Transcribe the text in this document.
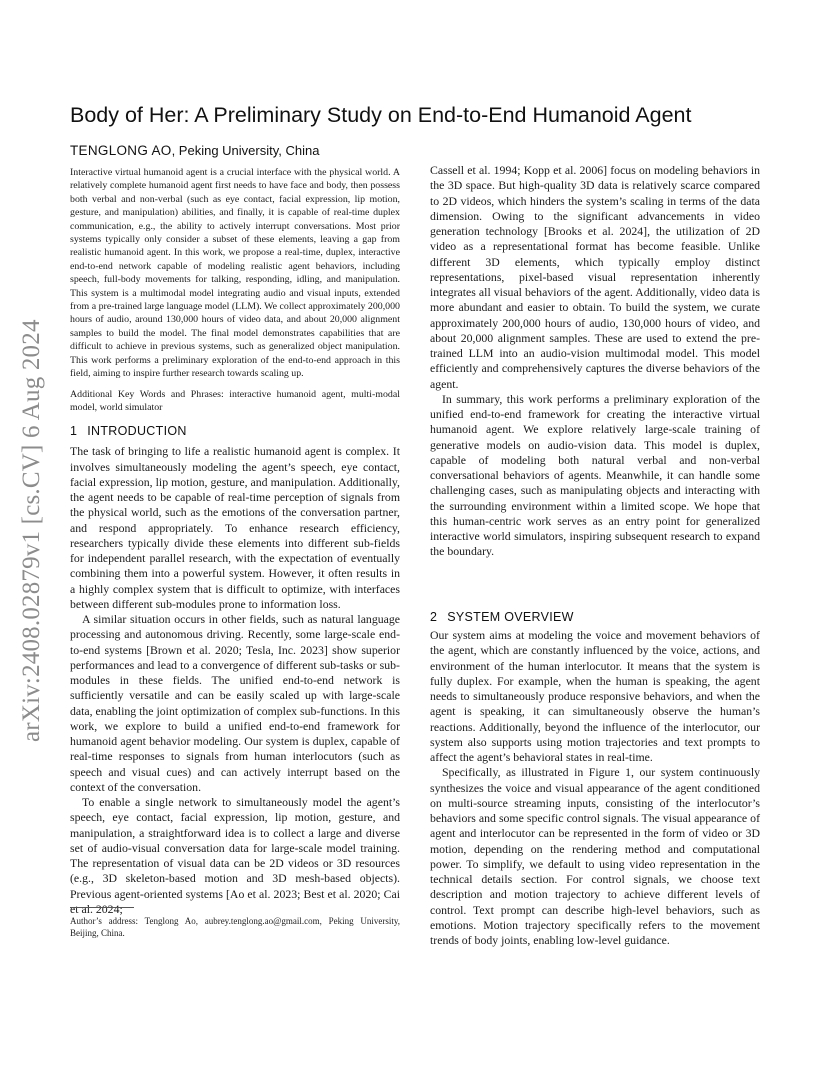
arXiv:2408.02879v1 [cs.CV] 6 Aug 2024
Body of Her: A Preliminary Study on End-to-End Humanoid Agent
TENGLONG AO, Peking University, China

Interactive virtual humanoid agent is a crucial interface with the physical world. A relatively complete humanoid agent first needs to have face and body, then possess both verbal and non-verbal (such as eye contact, facial expression, lip motion, gesture, and manipulation) abilities, and finally, it is capable of real-time duplex communication, e.g., the ability to actively interrupt conversations. Most prior systems typically only consider a subset of these elements, leaving a gap from realistic humanoid agent. In this work, we propose a real-time, duplex, interactive end-to-end network capable of modeling realistic agent behaviors, including speech, full-body movements for talking, responding, idling, and manipulation. This system is a multimodal model integrating audio and visual inputs, extended from a pre-trained large language model (LLM). We collect approximately 200,000 hours of audio, around 130,000 hours of video data, and about 20,000 alignment samples to build the model. The final model demonstrates capabilities that are difficult to achieve in previous systems, such as generalized object manipulation. This work performs a preliminary exploration of the end-to-end approach in this field, aiming to inspire further research towards scaling up.

Additional Key Words and Phrases: interactive humanoid agent, multi-modal model, world simulator

1 INTRODUCTION

The task of bringing to life a realistic humanoid agent is complex. It involves simultaneously modeling the agent’s speech, eye contact, facial expression, lip motion, gesture, and manipulation. Additionally, the agent needs to be capable of real-time perception of signals from the physical world, such as the emotions of the conversation partner, and respond appropriately. To enhance research efficiency, researchers typically divide these elements into different sub-fields for independent parallel research, with the expectation of eventually combining them into a powerful system. However, it often results in a highly complex system that is difficult to optimize, with interfaces between different sub-modules prone to information loss.

A similar situation occurs in other fields, such as natural language processing and autonomous driving. Recently, some large-scale end-to-end systems [Brown et al. 2020; Tesla, Inc. 2023] show superior performances and lead to a convergence of different sub-tasks or sub-modules in these fields. The unified end-to-end network is sufficiently versatile and can be easily scaled up with large-scale data, enabling the joint optimization of complex sub-functions. In this work, we explore to build a unified end-to-end framework for humanoid agent behavior modeling. Our system is duplex, capable of real-time responses to signals from human interlocutors (such as speech and visual cues) and can actively interrupt based on the context of the conversation.

To enable a single network to simultaneously model the agent’s speech, eye contact, facial expression, lip motion, gesture, and manipulation, a straightforward idea is to collect a large and diverse set of audio-visual conversation data for large-scale model training. The representation of visual data can be 2D videos or 3D resources (e.g., 3D skeleton-based motion and 3D mesh-based objects). Previous agent-oriented systems [Ao et al. 2023; Best et al. 2020; Cai et al. 2024;

Author’s address: Tenglong Ao, aubrey.tenglong.ao@gmail.com, Peking University, Beijing, China.

Cassell et al. 1994; Kopp et al. 2006] focus on modeling behaviors in the 3D space. But high-quality 3D data is relatively scarce compared to 2D videos, which hinders the system’s scaling in terms of the data dimension. Owing to the significant advancements in video generation technology [Brooks et al. 2024], the utilization of 2D video as a representational format has become feasible. Unlike different 3D elements, which typically employ distinct representations, pixel-based visual representation inherently integrates all visual behaviors of the agent. Additionally, video data is more abundant and easier to obtain. To build the system, we curate approximately 200,000 hours of audio, 130,000 hours of video, and about 20,000 alignment samples. These are used to extend the pre-trained LLM into an audio-vision multimodal model. This model efficiently and comprehensively captures the diverse behaviors of the agent.

In summary, this work performs a preliminary exploration of the unified end-to-end framework for creating the interactive virtual humanoid agent. We explore relatively large-scale training of generative models on audio-vision data. This model is duplex, capable of modeling both natural verbal and non-verbal conversational behaviors of agents. Meanwhile, it can handle some challenging cases, such as manipulating objects and interacting with the surrounding environment within a limited scope. We hope that this human-centric work serves as an entry point for generalized interactive world simulators, inspiring subsequent research to expand the boundary.

2 SYSTEM OVERVIEW

Our system aims at modeling the voice and movement behaviors of the agent, which are constantly influenced by the voice, actions, and environment of the human interlocutor. It means that the system is fully duplex. For example, when the human is speaking, the agent needs to simultaneously produce responsive behaviors, and when the agent is speaking, it can simultaneously observe the human’s reactions. Additionally, beyond the influence of the interlocutor, our system also supports using motion trajectories and text prompts to affect the agent’s behavioral states in real-time.

Specifically, as illustrated in Figure 1, our system continuously synthesizes the voice and visual appearance of the agent conditioned on multi-source streaming inputs, consisting of the interlocutor’s behaviors and some specific control signals. The visual appearance of agent and interlocutor can be represented in the form of video or 3D motion, depending on the rendering method and computational power. To simplify, we default to using video representation in the technical details section. For control signals, we choose text description and motion trajectory to achieve different levels of control. Text prompt can describe high-level behaviors, such as emotions. Motion trajectory specifically refers to the movement trends of body joints, enabling low-level guidance.
